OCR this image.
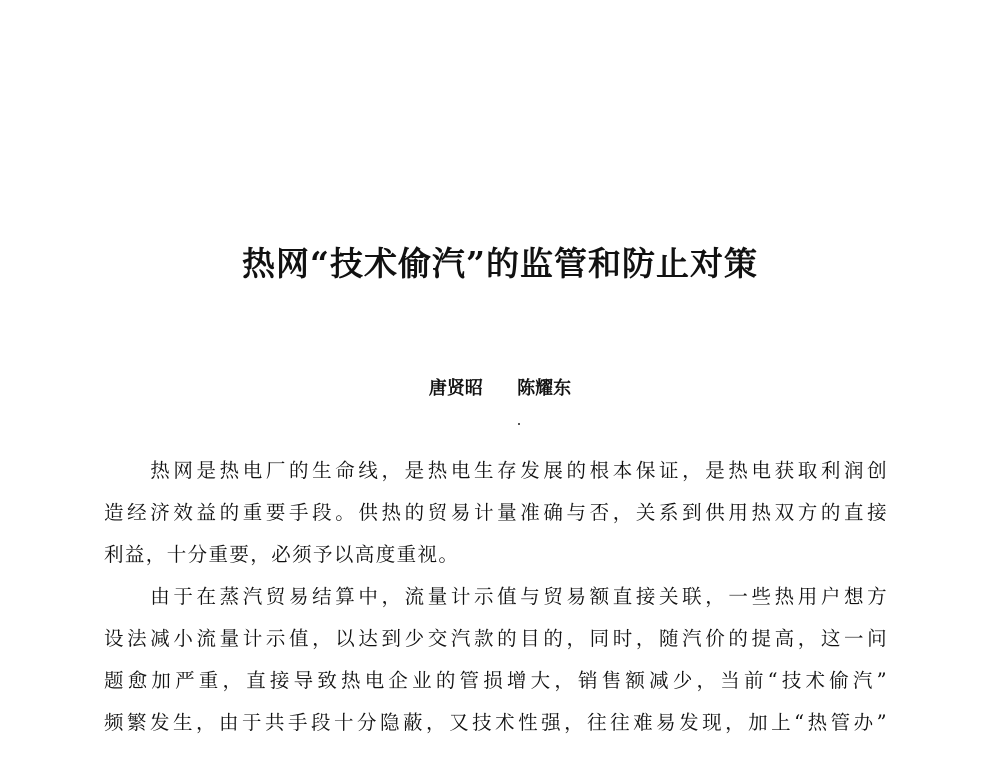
热网“技术偷汽”的监管和防止对策
唐贤昭 陈耀东
　　热网是热电厂的生命线，是热电生存发展的根本保证，是热电获取利润创
造经济效益的重要手段。供热的贸易计量准确与否，关系到供用热双方的直接
利益，十分重要，必须予以高度重视。
　　由于在蒸汽贸易结算中，流量计示值与贸易额直接关联，一些热用户想方
设法减小流量计示值，以达到少交汽款的目的，同时，随汽价的提高，这一问
题愈加严重，直接导致热电企业的管损增大，销售额减少，当前“技术偷汽”
频繁发生，由于共手段十分隐蔽，又技术性强，往往难易发现，加上“热管办”
